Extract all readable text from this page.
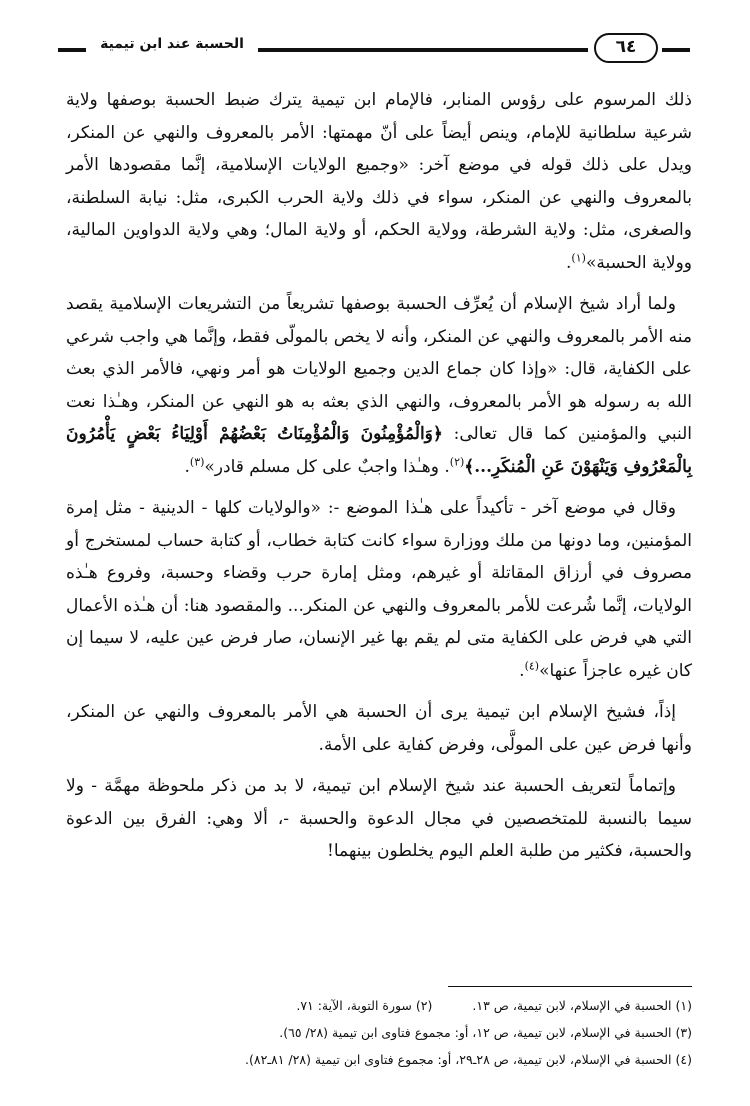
الحسبة عند ابن تيمية	٦٤

ذلك المرسوم على رؤوس المنابر، فالإمام ابن تيمية يترك ضبط الحسبة بوصفها ولاية شرعية سلطانية للإمام، وينص أيضاً على أنّ مهمتها: الأمر بالمعروف والنهي عن المنكر، ويدل على ذلك قوله في موضع آخر: «وجميع الولايات الإسلامية، إنَّما مقصودها الأمر بالمعروف والنهي عن المنكر، سواء في ذلك ولاية الحرب الكبرى، مثل: نيابة السلطنة، والصغرى، مثل: ولاية الشرطة، وولاية الحكم، أو ولاية المال؛ وهي ولاية الدواوين المالية، وولاية الحسبة»$^{(١)}$.

ولما أراد شيخ الإسلام أن يُعرِّف الحسبة بوصفها تشريعاً من التشريعات الإسلامية يقصد منه الأمر بالمعروف والنهي عن المنكر، وأنه لا يخص بالمولّى فقط، وإنَّما هي واجب شرعي على الكفاية، قال: «وإذا كان جماع الدين وجميع الولايات هو أمر ونهي، فالأمر الذي بعث الله به رسوله هو الأمر بالمعروف، والنهي الذي بعثه به هو النهي عن المنكر، وهـٰذا نعت النبي والمؤمنين كما قال تعالى: ﴿وَالْمُؤْمِنُونَ وَالْمُؤْمِنَاتُ بَعْضُهُمْ أَوْلِيَاءُ بَعْضٍ يَأْمُرُونَ بِالْمَعْرُوفِ وَيَنْهَوْنَ عَنِ الْمُنكَرِ...﴾$^{(٢)}$. وهـٰذا واجبٌ على كل مسلم قادر»$^{(٣)}$.

وقال في موضع آخر - تأكيداً على هـٰذا الموضع -: «والولايات كلها - الدينية - مثل إمرة المؤمنين، وما دونها من ملك ووزارة سواء كانت كتابة خطاب، أو كتابة حساب لمستخرج أو مصروف في أرزاق المقاتلة أو غيرهم، ومثل إمارة حرب وقضاء وحسبة، وفروع هـٰذه الولايات، إنَّما شُرعت للأمر بالمعروف والنهي عن المنكر... والمقصود هنا: أن هـٰذه الأعمال التي هي فرض على الكفاية متى لم يقم بها غير الإنسان، صار فرض عين عليه، لا سيما إن كان غيره عاجزاً عنها»$^{(٤)}$.

إذاً، فشيخ الإسلام ابن تيمية يرى أن الحسبة هي الأمر بالمعروف والنهي عن المنكر، وأنها فرض عين على المولَّى، وفرض كفاية على الأمة.

وإتماماً لتعريف الحسبة عند شيخ الإسلام ابن تيمية، لا بد من ذكر ملحوظة مهمَّة - ولا سيما بالنسبة للمتخصصين في مجال الدعوة والحسبة -، ألا وهي: الفرق بين الدعوة والحسبة، فكثير من طلبة العلم اليوم يخلطون بينهما!

(١) الحسبة في الإسلام، لابن تيمية، ص ١٣.(٢) سورة التوبة، الآية: ٧١.
(٣) الحسبة في الإسلام، لابن تيمية، ص ١٢، أو: مجموع فتاوى ابن تيمية (٢٨/ ٦٥).
(٤) الحسبة في الإسلام، لابن تيمية، ص ٢٨ـ٢٩، أو: مجموع فتاوى ابن تيمية (٢٨/ ٨١ـ٨٢).
